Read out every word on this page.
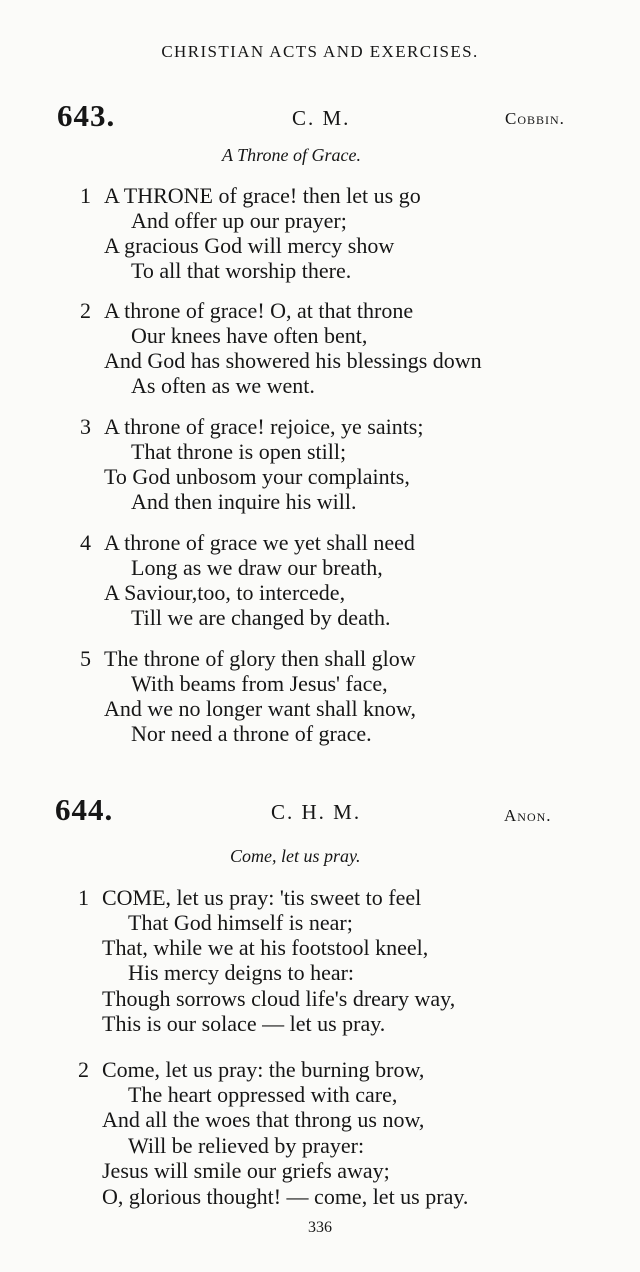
CHRISTIAN ACTS AND EXERCISES.
643.	C. M.	Cobbin.
A Throne of Grace.
1 A THRONE of grace! then let us go
And offer up our prayer;
A gracious God will mercy show
To all that worship there.
2 A throne of grace! O, at that throne
Our knees have often bent,
And God has showered his blessings down
As often as we went.
3 A throne of grace! rejoice, ye saints;
That throne is open still;
To God unbosom your complaints,
And then inquire his will.
4 A throne of grace we yet shall need
Long as we draw our breath,
A Saviour,too, to intercede,
Till we are changed by death.
5 The throne of glory then shall glow
With beams from Jesus' face,
And we no longer want shall know,
Nor need a throne of grace.
644.	C. H. M.	Anon.
Come, let us pray.
1 COME, let us pray: 'tis sweet to feel
That God himself is near;
That, while we at his footstool kneel,
His mercy deigns to hear:
Though sorrows cloud life's dreary way,
This is our solace — let us pray.
2 Come, let us pray: the burning brow,
The heart oppressed with care,
And all the woes that throng us now,
Will be relieved by prayer:
Jesus will smile our griefs away;
O, glorious thought! — come, let us pray.
336
